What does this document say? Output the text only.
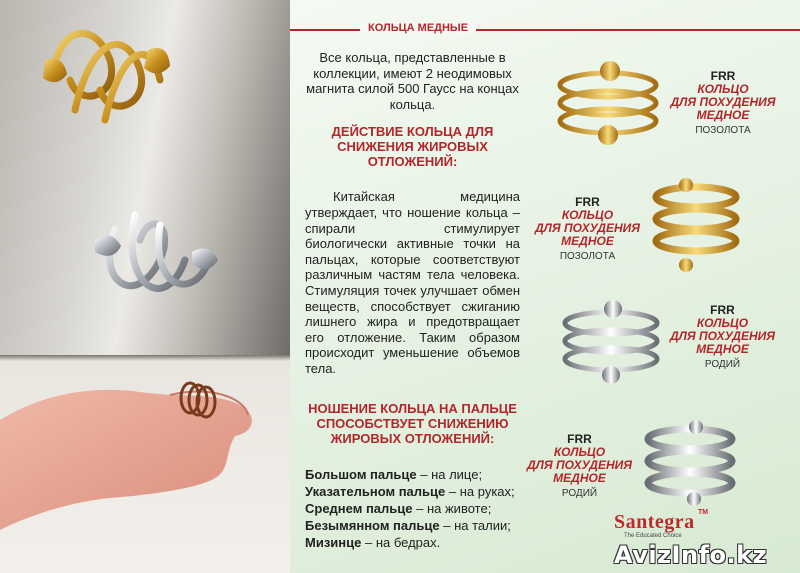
КОЛЬЦА МЕДНЫЕ

Все кольца, представленные в коллекции, имеют 2 неодимовых магнита силой 500 Гаусс на концах кольца.

ДЕЙСТВИЕ КОЛЬЦА ДЛЯ СНИЖЕНИЯ ЖИРОВЫХ ОТЛОЖЕНИЙ:

Китайская медицина утверждает, что ношение кольца – спирали стимулирует биологически активные точки на пальцах, которые соответствуют различным частям тела человека. Стимуляция точек улучшает обмен веществ, способствует сжиганию лишнего жира и предотвращает его отложение. Таким образом происходит уменьшение объемов тела.

НОШЕНИЕ КОЛЬЦА НА ПАЛЬЦЕ СПОСОБСТВУЕТ СНИЖЕНИЮ ЖИРОВЫХ ОТЛОЖЕНИЙ:
Большом пальце – на лице;
Указательном пальце – на руках;
Среднем пальце – на животе;
Безымянном пальце – на талии;
Мизинце – на бедрах.
FRR
КОЛЬЦО
ДЛЯ ПОХУДЕНИЯ
МЕДНОЕ
ПОЗОЛОТА
FRR
КОЛЬЦО
ДЛЯ ПОХУДЕНИЯ
МЕДНОЕ
ПОЗОЛОТА
FRR
КОЛЬЦО
ДЛЯ ПОХУДЕНИЯ
МЕДНОЕ
РОДИЙ
FRR
КОЛЬЦО
ДЛЯ ПОХУДЕНИЯ
МЕДНОЕ
РОДИЙ
Santegra TM
The Educated Choice
AvizInfo.kz
